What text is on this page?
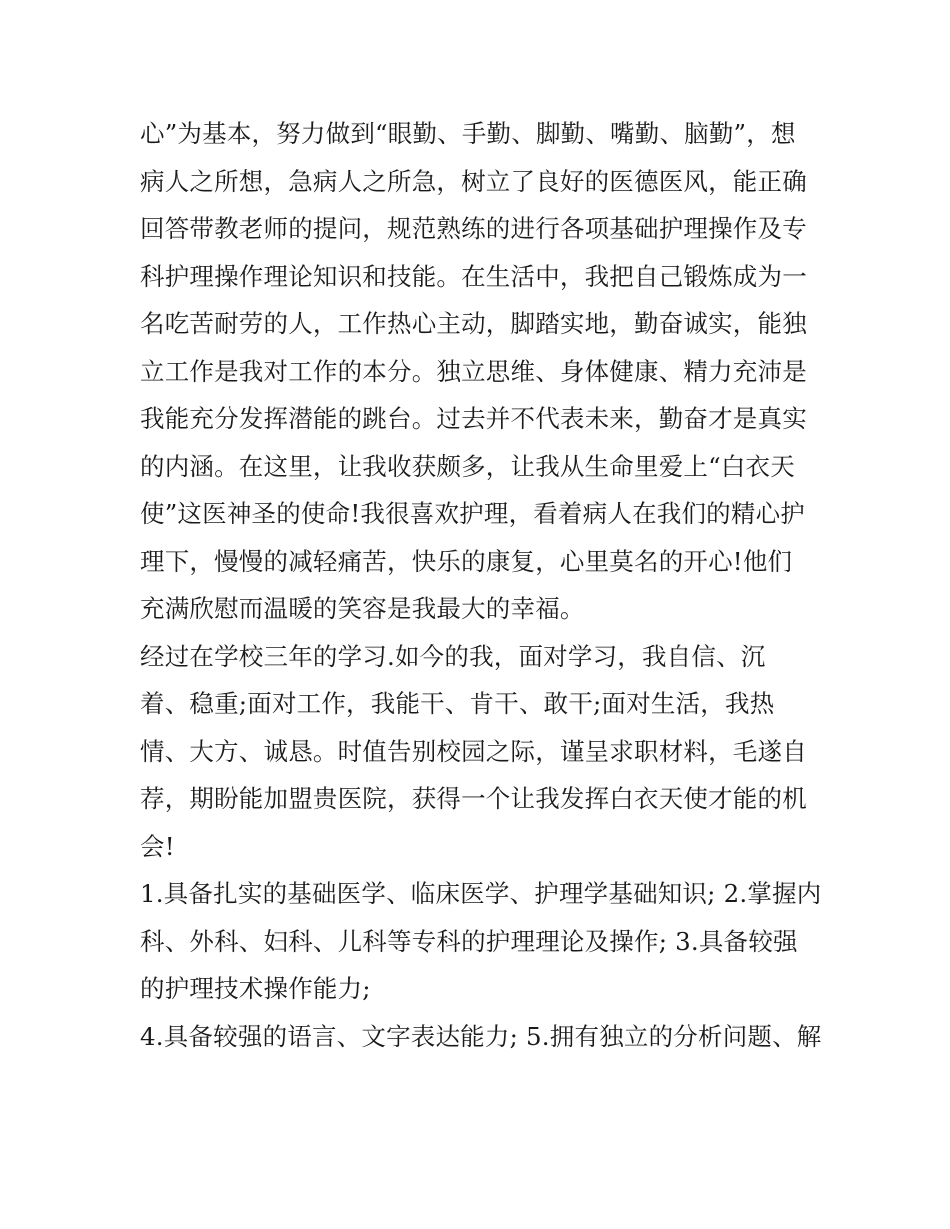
心”为基本，努力做到“眼勤、手勤、脚勤、嘴勤、脑勤”，想
病人之所想，急病人之所急，树立了良好的医德医风，能正确
回答带教老师的提问，规范熟练的进行各项基础护理操作及专
科护理操作理论知识和技能。在生活中，我把自己锻炼成为一
名吃苦耐劳的人，工作热心主动，脚踏实地，勤奋诚实，能独
立工作是我对工作的本分。独立思维、身体健康、精力充沛是
我能充分发挥潜能的跳台。过去并不代表未来，勤奋才是真实
的内涵。在这里，让我收获颇多，让我从生命里爱上“白衣天
使”这医神圣的使命!我很喜欢护理，看着病人在我们的精心护
理下，慢慢的减轻痛苦，快乐的康复，心里莫名的开心!他们
充满欣慰而温暖的笑容是我最大的幸福。
经过在学校三年的学习.如今的我，面对学习，我自信、沉
着、稳重;面对工作，我能干、肯干、敢干;面对生活，我热
情、大方、诚恳。时值告别校园之际，谨呈求职材料，毛遂自
荐，期盼能加盟贵医院，获得一个让我发挥白衣天使才能的机
会!
1.具备扎实的基础医学、临床医学、护理学基础知识; 2.掌握内
科、外科、妇科、儿科等专科的护理理论及操作; 3.具备较强
的护理技术操作能力;
4.具备较强的语言、文字表达能力; 5.拥有独立的分析问题、解
